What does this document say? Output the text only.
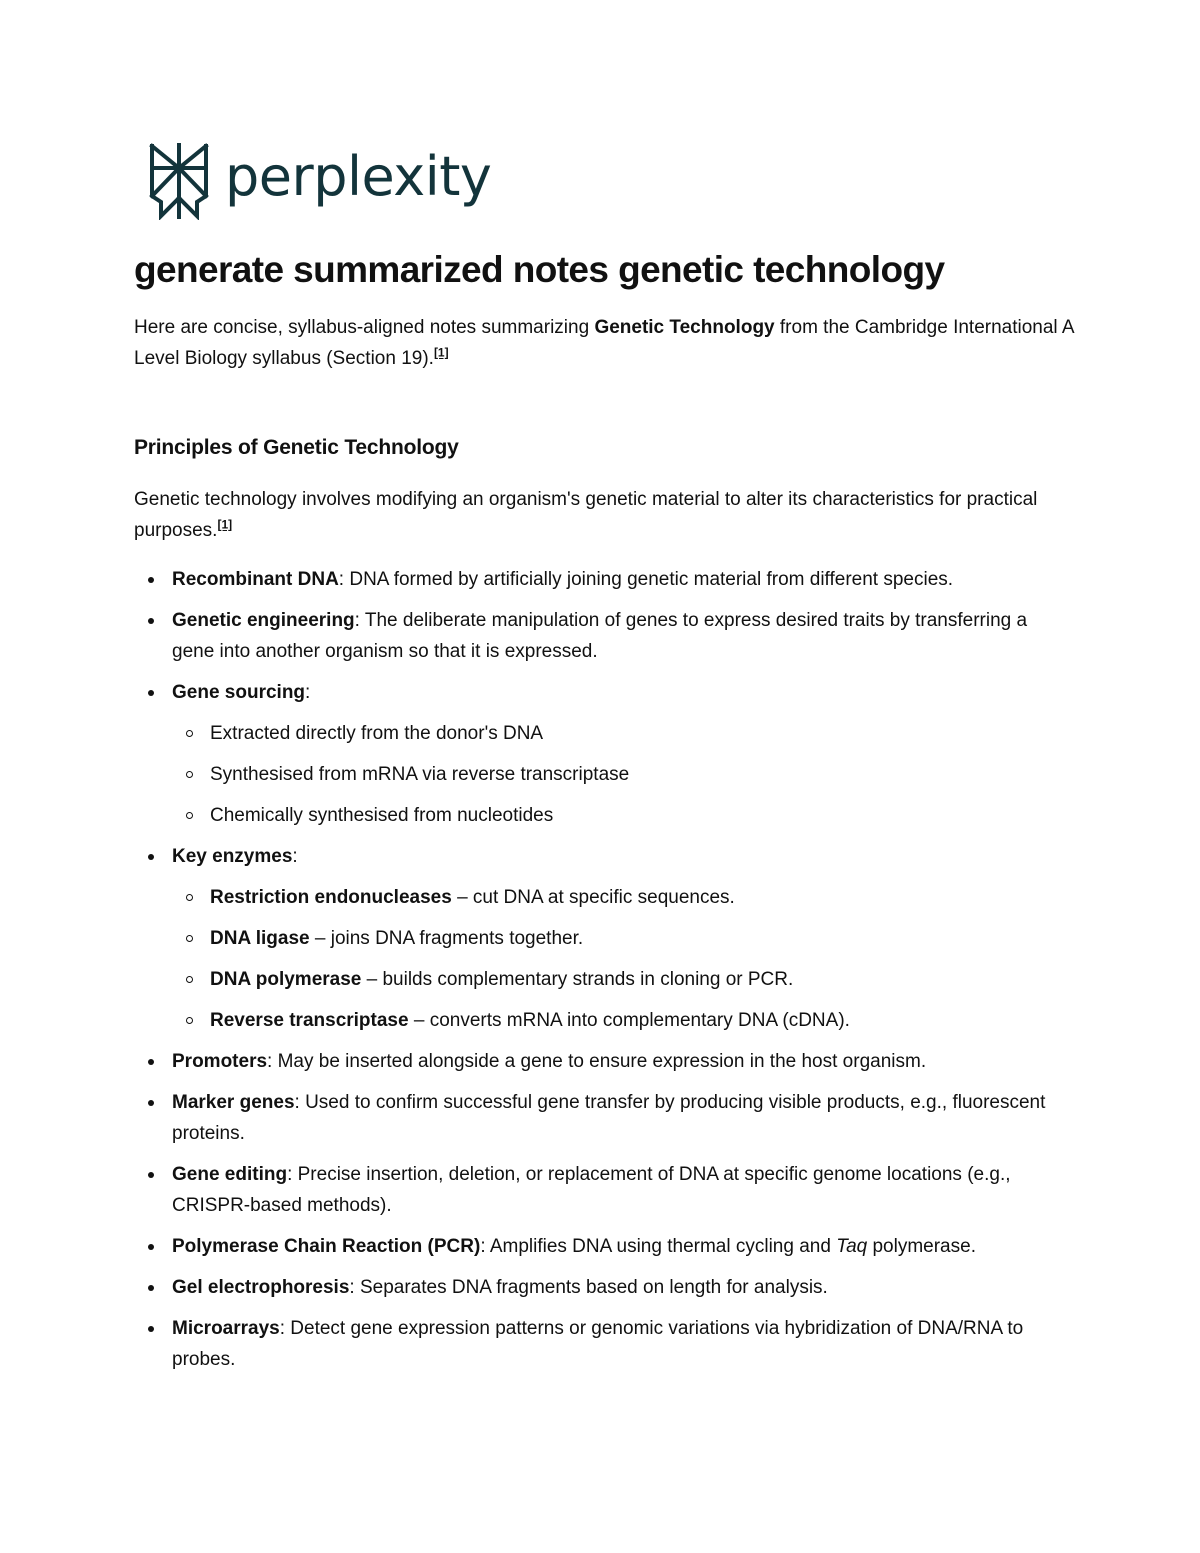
perplexity
generate summarized notes genetic technology

Here are concise, syllabus-aligned notes summarizing Genetic Technology from the Cambridge International A Level Biology syllabus (Section 19).[1]

Principles of Genetic Technology

Genetic technology involves modifying an organism's genetic material to alter its characteristics for practical purposes.[1]

Recombinant DNA: DNA formed by artificially joining genetic material from different species.
Genetic engineering: The deliberate manipulation of genes to express desired traits by transferring a gene into another organism so that it is expressed.
Gene sourcing:
Extracted directly from the donor's DNA
Synthesised from mRNA via reverse transcriptase
Chemically synthesised from nucleotides
Key enzymes:
Restriction endonucleases – cut DNA at specific sequences.
DNA ligase – joins DNA fragments together.
DNA polymerase – builds complementary strands in cloning or PCR.
Reverse transcriptase – converts mRNA into complementary DNA (cDNA).
Promoters: May be inserted alongside a gene to ensure expression in the host organism.
Marker genes: Used to confirm successful gene transfer by producing visible products, e.g., fluorescent proteins.
Gene editing: Precise insertion, deletion, or replacement of DNA at specific genome locations (e.g., CRISPR-based methods).
Polymerase Chain Reaction (PCR): Amplifies DNA using thermal cycling and Taq polymerase.
Gel electrophoresis: Separates DNA fragments based on length for analysis.
Microarrays: Detect gene expression patterns or genomic variations via hybridization of DNA/RNA to probes.
